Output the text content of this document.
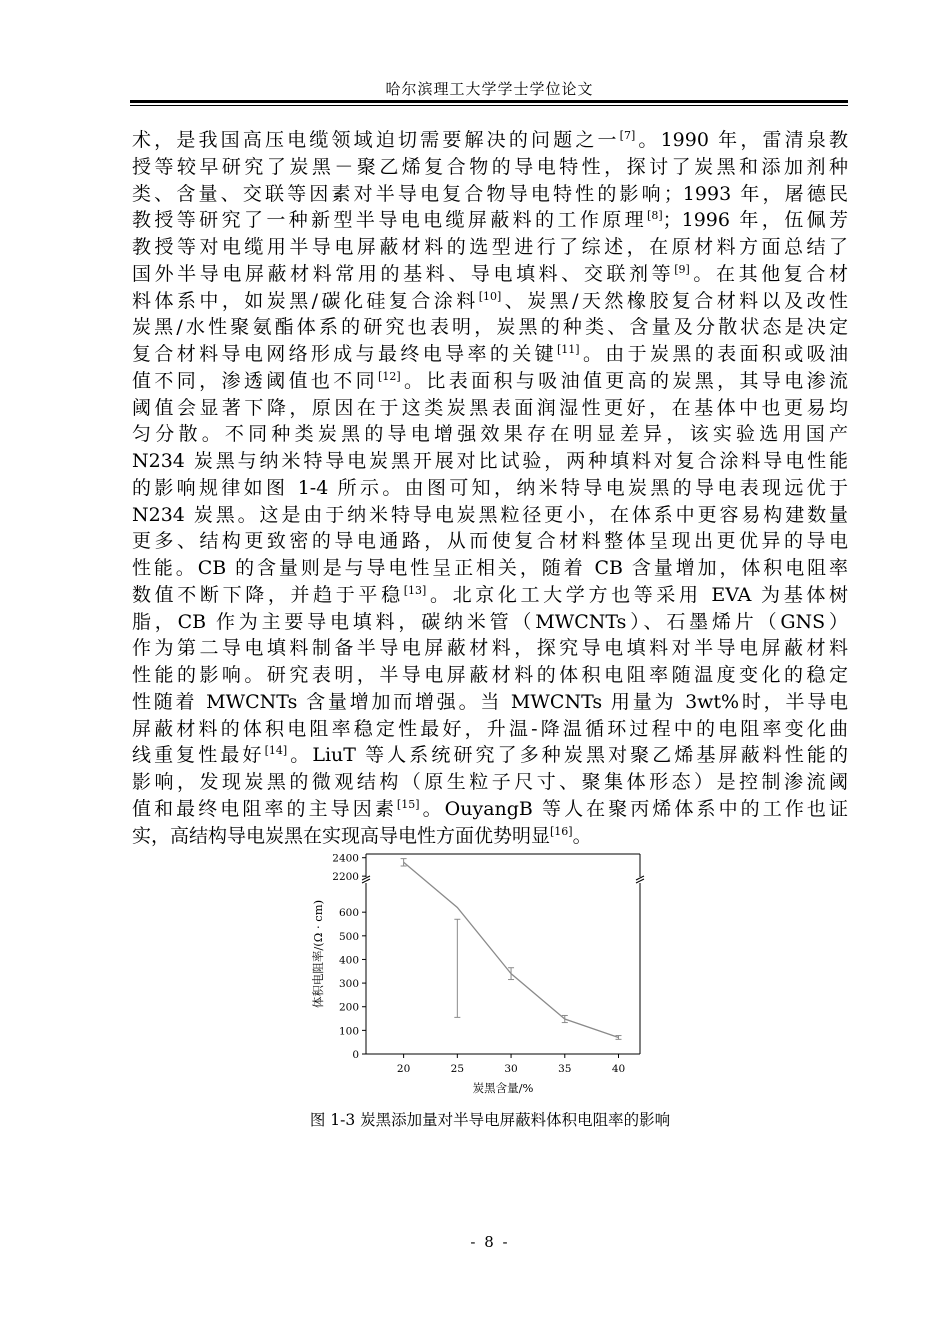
哈尔滨理工大学学士学位论文
术，是我国高压电缆领域迫切需要解决的问题之一[7]。1990 年，雷清泉教
授等较早研究了炭黑－聚乙烯复合物的导电特性，探讨了炭黑和添加剂种
类、含量、交联等因素对半导电复合物导电特性的影响；1993 年，屠德民
教授等研究了一种新型半导电电缆屏蔽料的工作原理[8]；1996 年，伍佩芳
教授等对电缆用半导电屏蔽材料的选型进行了综述，在原材料方面总结了
国外半导电屏蔽材料常用的基料、导电填料、交联剂等[9]。在其他复合材
料体系中，如炭黑/碳化硅复合涂料[10]、炭黑/天然橡胶复合材料以及改性
炭黑/水性聚氨酯体系的研究也表明，炭黑的种类、含量及分散状态是决定
复合材料导电网络形成与最终电导率的关键[11]。由于炭黑的表面积或吸油
值不同，渗透阈值也不同[12]。比表面积与吸油值更高的炭黑，其导电渗流
阈值会显著下降，原因在于这类炭黑表面润湿性更好，在基体中也更易均
匀分散。不同种类炭黑的导电增强效果存在明显差异，该实验选用国产
N234 炭黑与纳米特导电炭黑开展对比试验，两种填料对复合涂料导电性能
的影响规律如图 1-4 所示。由图可知，纳米特导电炭黑的导电表现远优于
N234 炭黑。这是由于纳米特导电炭黑粒径更小，在体系中更容易构建数量
更多、结构更致密的导电通路，从而使复合材料整体呈现出更优异的导电
性能。CB 的含量则是与导电性呈正相关，随着 CB 含量增加，体积电阻率
数值不断下降，并趋于平稳[13]。北京化工大学方也等采用 EVA 为基体树
脂，CB 作为主要导电填料，碳纳米管（MWCNTs）、石墨烯片（GNS）
作为第二导电填料制备半导电屏蔽材料，探究导电填料对半导电屏蔽材料
性能的影响。研究表明，半导电屏蔽材料的体积电阻率随温度变化的稳定
性随着 MWCNTs 含量增加而增强。当 MWCNTs 用量为 3wt%时，半导电
屏蔽材料的体积电阻率稳定性最好，升温-降温循环过程中的电阻率变化曲
线重复性最好[14]。LiuT 等人系统研究了多种炭黑对聚乙烯基屏蔽料性能的
影响，发现炭黑的微观结构（原生粒子尺寸、聚集体形态）是控制渗流阈
值和最终电阻率的主导因素[15]。OuyangB 等人在聚丙烯体系中的工作也证
实，高结构导电炭黑在实现高导电性方面优势明显[16]。
0
100
200
300
400
500
600
2200
2400
20	25	30	35	40
炭黑含量/%
体积电阻率/(Ω · cm)
图 1-3 炭黑添加量对半导电屏蔽料体积电阻率的影响
- 8 -
